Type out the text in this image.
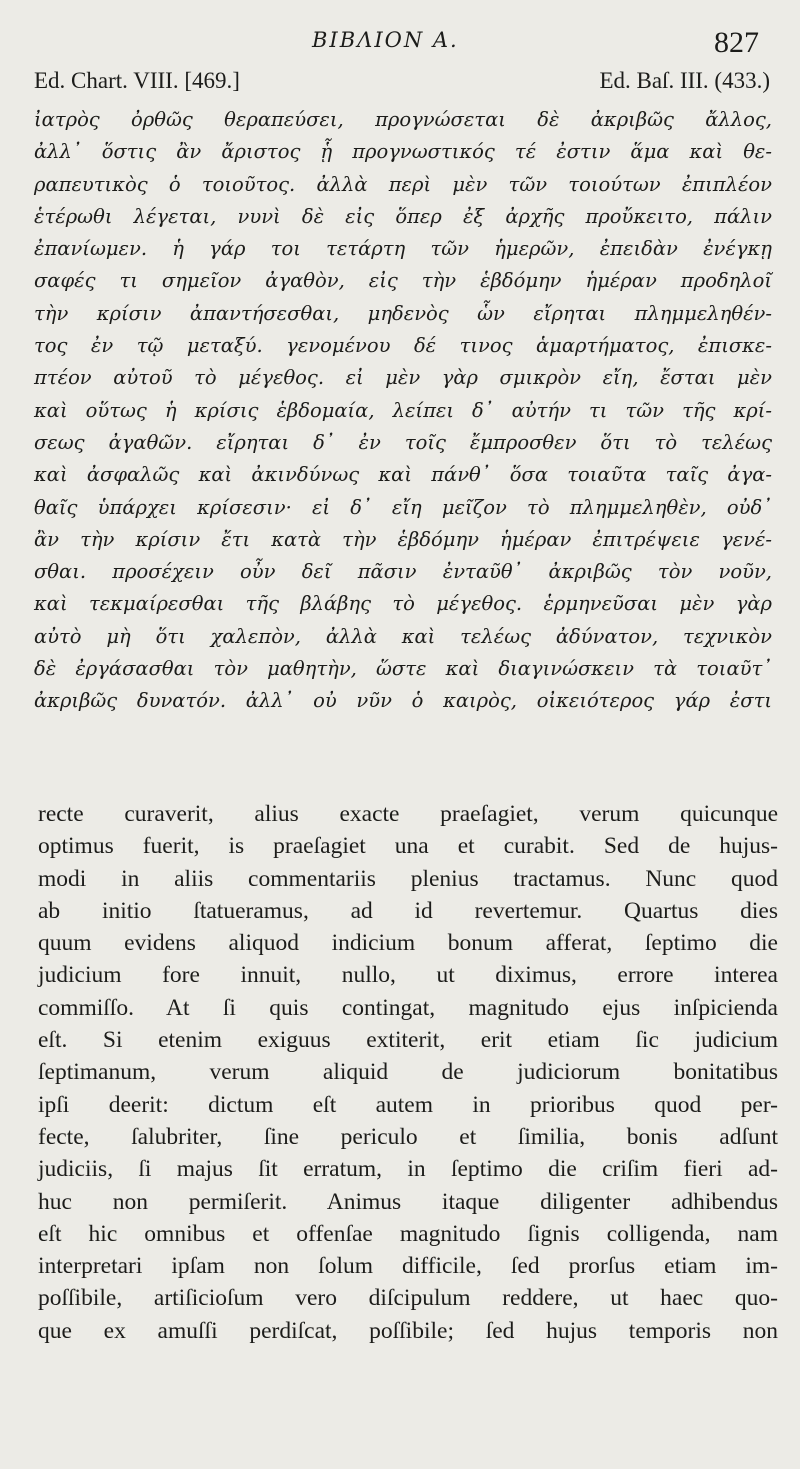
ΒΙΒΛΙΟΝ Α.	827
Ed. Chart. VIII. [469.]	Ed. Baſ. III. (433.)
ἰατρὸς ὀρθῶς θεραπεύσει, προγνώσεται δὲ ἀκριβῶς ἄλλος,
ἀλλ᾽ ὅστις ἂν ἄριστος ᾗ προγνωστικός τέ ἐστιν ἅμα καὶ θε-
ραπευτικὸς ὁ τοιοῦτος. ἀλλὰ περὶ μὲν τῶν τοιούτων ἐπιπλέον
ἑτέρωθι λέγεται, νυνὶ δὲ εἰς ὅπερ ἐξ ἀρχῆς προὔκειτο, πάλιν
ἐπανίωμεν. ἡ γάρ τοι τετάρτη τῶν ἡμερῶν, ἐπειδὰν ἐνέγκῃ
σαφές τι σημεῖον ἀγαθὸν, εἰς τὴν ἑβδόμην ἡμέραν προδηλοῖ
τὴν κρίσιν ἀπαντήσεσθαι, μηδενὸς ὧν εἴρηται πλημμεληθέν-
τος ἐν τῷ μεταξύ. γενομένου δέ τινος ἁμαρτήματος, ἐπισκε-
πτέον αὐτοῦ τὸ μέγεθος. εἰ μὲν γὰρ σμικρὸν εἴη, ἔσται μὲν
καὶ οὕτως ἡ κρίσις ἑβδομαία, λείπει δ᾽ αὐτήν τι τῶν τῆς κρί-
σεως ἀγαθῶν. εἴρηται δ᾽ ἐν τοῖς ἔμπροσθεν ὅτι τὸ τελέως
καὶ ἀσφαλῶς καὶ ἀκινδύνως καὶ πάνθ᾽ ὅσα τοιαῦτα ταῖς ἀγα-
θαῖς ὑπάρχει κρίσεσιν· εἰ δ᾽ εἴη μεῖζον τὸ πλημμεληθὲν, οὐδ᾽
ἂν τὴν κρίσιν ἔτι κατὰ τὴν ἑβδόμην ἡμέραν ἐπιτρέψειε γενέ-
σθαι. προσέχειν οὖν δεῖ πᾶσιν ἐνταῦθ᾽ ἀκριβῶς τὸν νοῦν,
καὶ τεκμαίρεσθαι τῆς βλάβης τὸ μέγεθος. ἑρμηνεῦσαι μὲν γὰρ
αὐτὸ μὴ ὅτι χαλεπὸν, ἀλλὰ καὶ τελέως ἀδύνατον, τεχνικὸν
δὲ ἐργάσασθαι τὸν μαθητὴν, ὥστε καὶ διαγινώσκειν τὰ τοιαῦτ᾽
ἀκριβῶς δυνατόν. ἀλλ᾽ οὐ νῦν ὁ καιρὸς, οἰκειότερος γάρ ἐστι
recte curaverit, alius exacte praeſagiet, verum quicunque
optimus fuerit, is praeſagiet una et curabit. Sed de hujus-
modi in aliis commentariis plenius tractamus. Nunc quod
ab initio ſtatueramus, ad id revertemur. Quartus dies
quum evidens aliquod indicium bonum afferat, ſeptimo die
judicium fore innuit, nullo, ut diximus, errore interea
commiſſo. At ſi quis contingat, magnitudo ejus inſpicienda
eſt. Si etenim exiguus extiterit, erit etiam ſic judicium
ſeptimanum, verum aliquid de judiciorum bonitatibus
ipſi deerit: dictum eſt autem in prioribus quod per-
fecte, ſalubriter, ſine periculo et ſimilia, bonis adſunt
judiciis, ſi majus ſit erratum, in ſeptimo die criſim fieri ad-
huc non permiſerit. Animus itaque diligenter adhibendus
eſt hic omnibus et offenſae magnitudo ſignis colligenda, nam
interpretari ipſam non ſolum difficile, ſed prorſus etiam im-
poſſibile, artiſicioſum vero diſcipulum reddere, ut haec quo-
que ex amuſſi perdiſcat, poſſibile; ſed hujus temporis non
